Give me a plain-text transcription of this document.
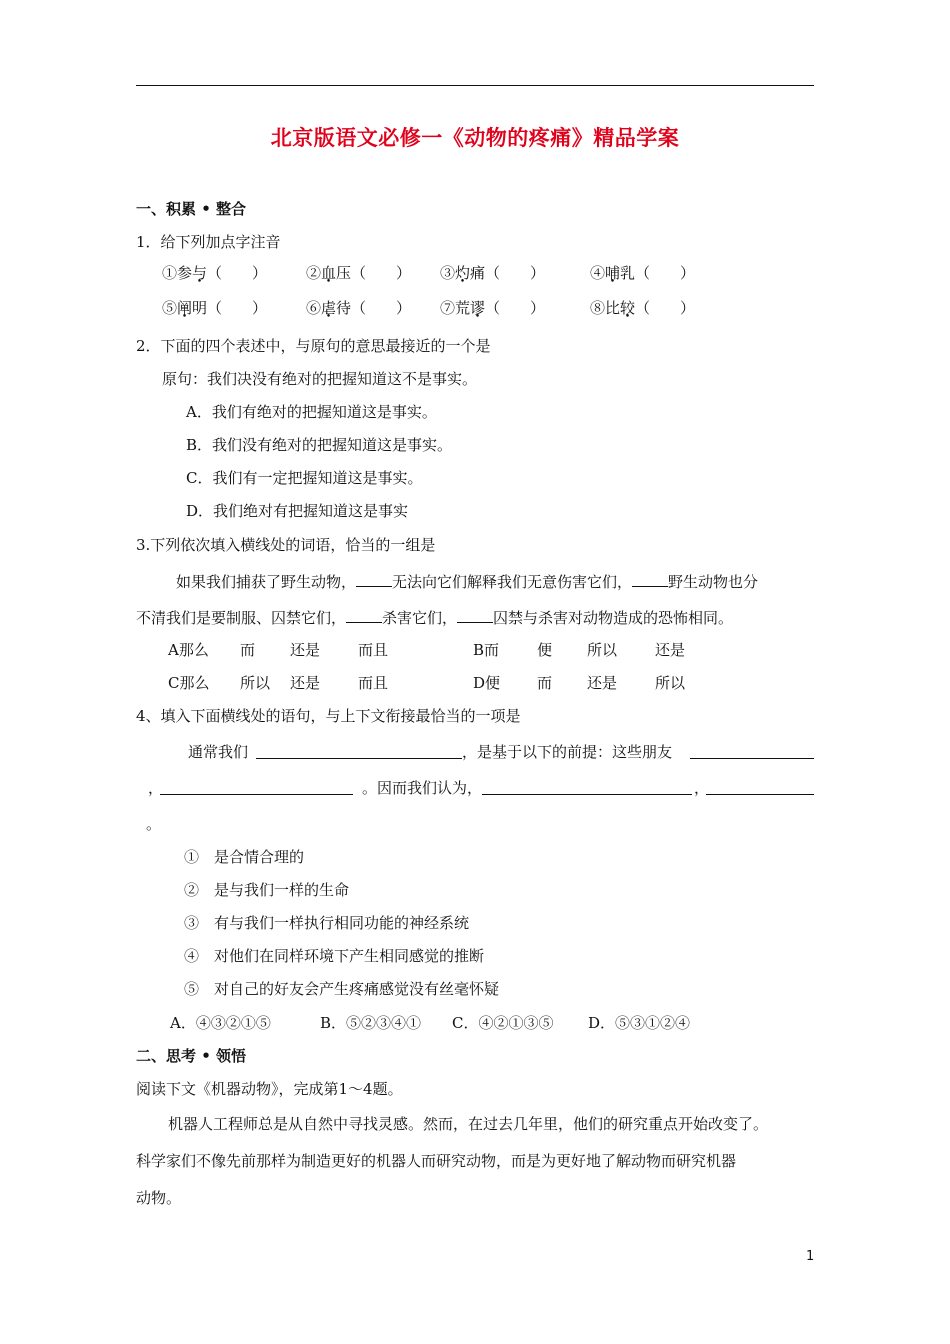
北京版语文必修一《动物的疼痛》精品学案
一、积累 • 整合
1．给下列加点字注音
①参与（　　）	②血压（　　） ③灼痛（　　）	④哺乳（　　）
⑤阐明（　　）	⑥虐待（　　） ⑦荒谬（　　）	⑧比较（　　）
2．下面的四个表述中，与原句的意思最接近的一个是
原句：我们决没有绝对的把握知道这不是事实。
A．我们有绝对的把握知道这是事实。
B．我们没有绝对的把握知道这是事实。
C．我们有一定把握知道这是事实。
D．我们绝对有把握知道这是事实
3.下列依次填入横线处的词语，恰当的一组是
如果我们捕获了野生动物， 无法向它们解释我们无意伤害它们， 野生动物也分
不清我们是要制服、囚禁它们， 杀害它们， 囚禁与杀害对动物造成的恐怖相同。
A那么 而 还是	而且	B而	便 所以	还是
C那么 所以 还是	而且	D便 而 还是	所以
4、填入下面横线处的语句，与上下文衔接最恰当的一项是
通常我们	，是基于以下的前提：这些朋友
，	。因而我们认为，	，
。
①　是合情合理的
②　是与我们一样的生命
③　有与我们一样执行相同功能的神经系统
④　对他们在同样环境下产生相同感觉的推断
⑤　对自己的好友会产生疼痛感觉没有丝毫怀疑
A．④③②①⑤	B．⑤②③④① C．④②①③⑤ D．⑤③①②④
二、思考 • 领悟
阅读下文《机器动物》，完成第1～4题。
机器人工程师总是从自然中寻找灵感。然而，在过去几年里，他们的研究重点开始改变了。
科学家们不像先前那样为制造更好的机器人而研究动物，而是为更好地了解动物而研究机器
动物。
1
